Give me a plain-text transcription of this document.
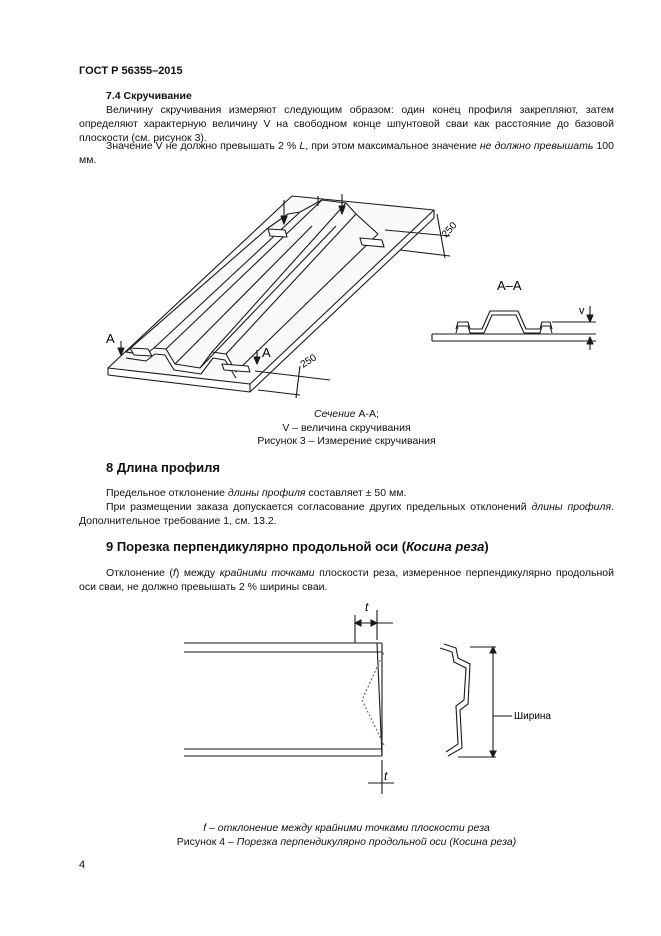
ГОСТ Р 56355–2015
7.4 Скручивание
Величину скручивания измеряют следующим образом: один конец профиля закрепляют, затем определяют характерную величину V на свободном конце шпунтовой сваи как расстояние до базовой плоскости (см. рисунок 3).
Значение V не должно превышать 2 % L, при этом максимальное значение не должно превышать 100 мм.
А
А
250
250
А–А
v
t
t
Ширина
Сечение А-А;
V – величина скручивания
Рисунок 3 – Измерение скручивания
8 Длина профиля
Предельное отклонение длины профиля составляет ± 50 мм.
При размещении заказа допускается согласование других предельных отклонений длины профиля. Дополнительное требование 1, см. 13.2.
9 Порезка перпендикулярно продольной оси (Косина реза)
Отклонение (f) между крайними точками плоскости реза, измеренное перпендикулярно продольной оси сваи, не должно превышать 2 % ширины сваи.
f – отклонение между крайними точками плоскости реза
Рисунок 4 – Порезка перпендикулярно продольной оси (Косина реза)
4
